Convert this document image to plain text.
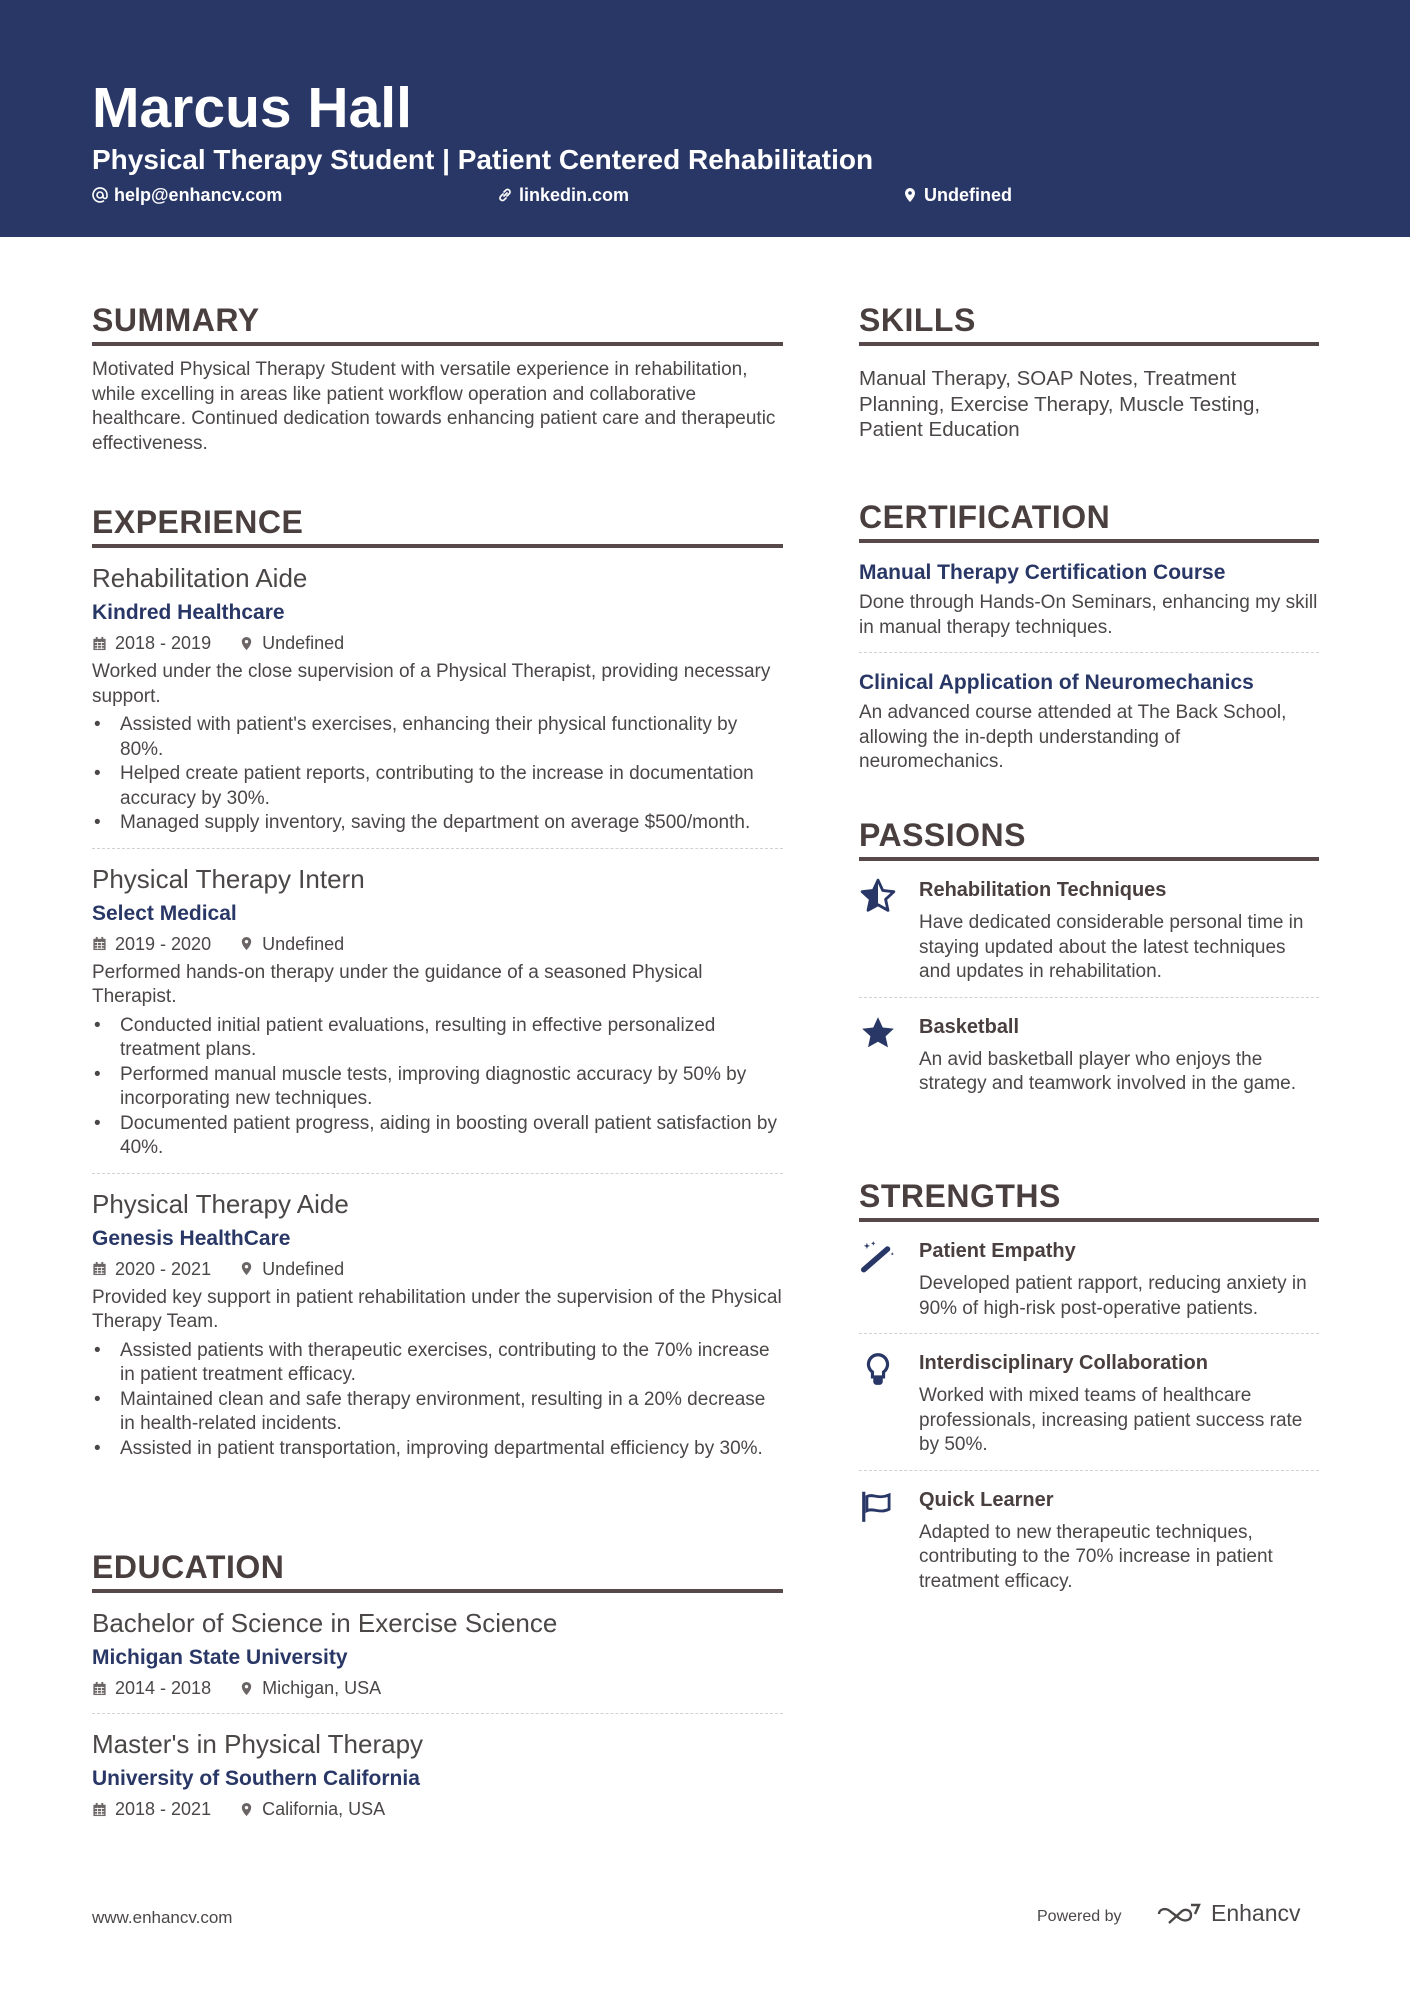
Marcus Hall
Physical Therapy Student | Patient Centered Rehabilitation
help@enhancv.com	linkedin.com	Undefined
SUMMARY
Motivated Physical Therapy Student with versatile experience in rehabilitation, while excelling in areas like patient workflow operation and collaborative healthcare. Continued dedication towards enhancing patient care and therapeutic effectiveness.
EXPERIENCE
Rehabilitation Aide
Kindred Healthcare
2018 - 2019	Undefined
Worked under the close supervision of a Physical Therapist, providing necessary support.
• Assisted with patient's exercises, enhancing their physical functionality by 80%.
• Helped create patient reports, contributing to the increase in documentation accuracy by 30%.
• Managed supply inventory, saving the department on average $500/month.
Physical Therapy Intern
Select Medical
2019 - 2020	Undefined
Performed hands-on therapy under the guidance of a seasoned Physical Therapist.
• Conducted initial patient evaluations, resulting in effective personalized treatment plans.
• Performed manual muscle tests, improving diagnostic accuracy by 50% by incorporating new techniques.
• Documented patient progress, aiding in boosting overall patient satisfaction by 40%.
Physical Therapy Aide
Genesis HealthCare
2020 - 2021	Undefined
Provided key support in patient rehabilitation under the supervision of the Physical Therapy Team.
• Assisted patients with therapeutic exercises, contributing to the 70% increase in patient treatment efficacy.
• Maintained clean and safe therapy environment, resulting in a 20% decrease in health-related incidents.
• Assisted in patient transportation, improving departmental efficiency by 30%.
EDUCATION
Bachelor of Science in Exercise Science
Michigan State University
2014 - 2018	Michigan, USA
Master's in Physical Therapy
University of Southern California
2018 - 2021	California, USA
SKILLS
Manual Therapy, SOAP Notes, Treatment Planning, Exercise Therapy, Muscle Testing, Patient Education
CERTIFICATION
Manual Therapy Certification Course
Done through Hands-On Seminars, enhancing my skill in manual therapy techniques.
Clinical Application of Neuromechanics
An advanced course attended at The Back School, allowing the in-depth understanding of neuromechanics.
PASSIONS
Rehabilitation Techniques
Have dedicated considerable personal time in staying updated about the latest techniques and updates in rehabilitation.
Basketball
An avid basketball player who enjoys the strategy and teamwork involved in the game.
STRENGTHS
Patient Empathy
Developed patient rapport, reducing anxiety in 90% of high-risk post-operative patients.
Interdisciplinary Collaboration
Worked with mixed teams of healthcare professionals, increasing patient success rate by 50%.
Quick Learner
Adapted to new therapeutic techniques, contributing to the 70% increase in patient treatment efficacy.
www.enhancv.com	Powered by	Enhancv
